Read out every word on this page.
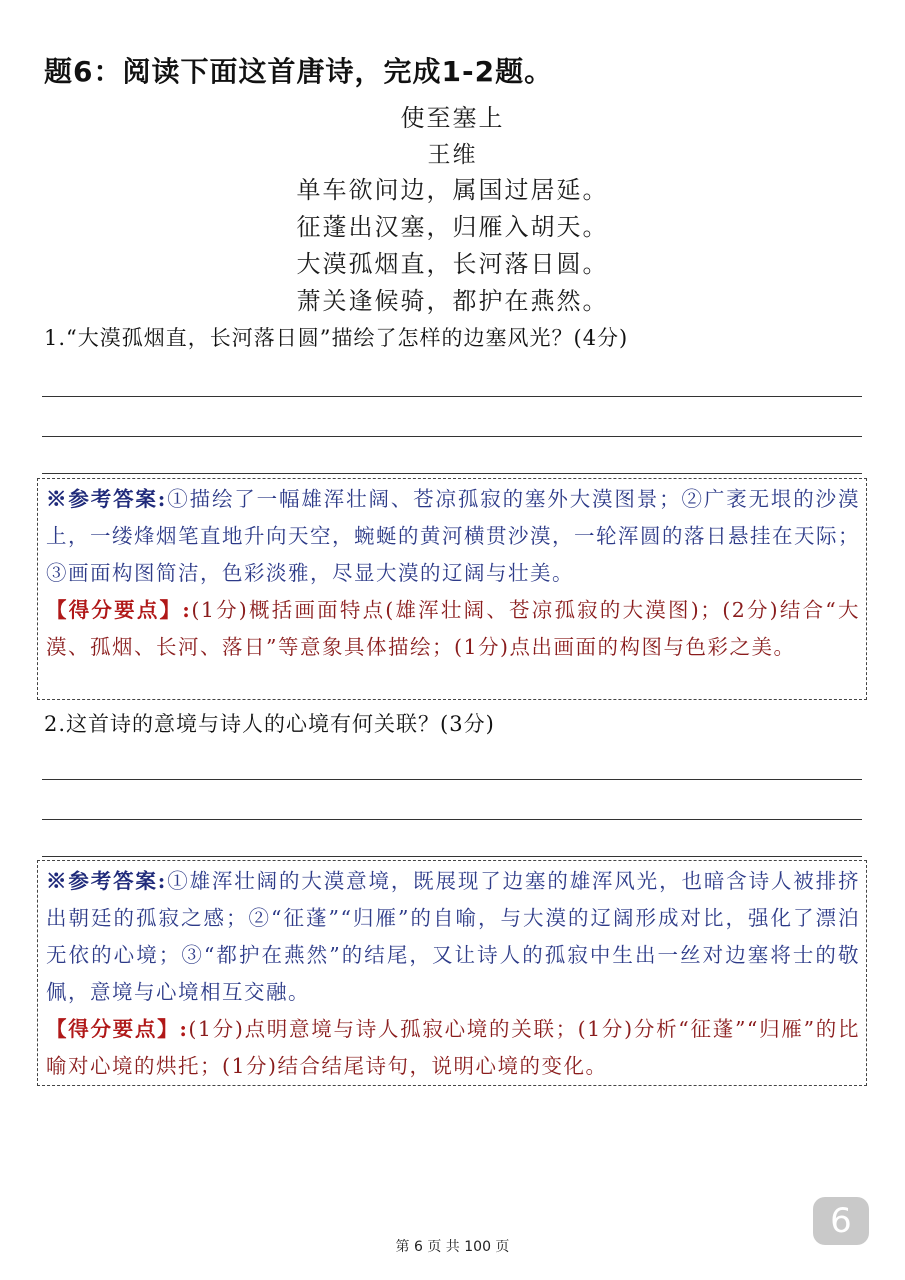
题6：阅读下面这首唐诗，完成1-2题。
使至塞上
王维
单车欲问边，属国过居延。
征蓬出汉塞，归雁入胡天。
大漠孤烟直，长河落日圆。
萧关逢候骑，都护在燕然。
1.“大漠孤烟直，长河落日圆”描绘了怎样的边塞风光？(4分)
※参考答案:①描绘了一幅雄浑壮阔、苍凉孤寂的塞外大漠图景；②广袤无垠的沙漠上，一缕烽烟笔直地升向天空，蜿蜒的黄河横贯沙漠，一轮浑圆的落日悬挂在天际；③画面构图简洁，色彩淡雅，尽显大漠的辽阔与壮美。
【得分要点】:(1分)概括画面特点(雄浑壮阔、苍凉孤寂的大漠图)；(2分)结合“大漠、孤烟、长河、落日”等意象具体描绘；(1分)点出画面的构图与色彩之美。
2.这首诗的意境与诗人的心境有何关联？(3分)
※参考答案:①雄浑壮阔的大漠意境，既展现了边塞的雄浑风光，也暗含诗人被排挤出朝廷的孤寂之感；②“征蓬”“归雁”的自喻，与大漠的辽阔形成对比，强化了漂泊无依的心境；③“都护在燕然”的结尾，又让诗人的孤寂中生出一丝对边塞将士的敬佩，意境与心境相互交融。
【得分要点】:(1分)点明意境与诗人孤寂心境的关联；(1分)分析“征蓬”“归雁”的比喻对心境的烘托；(1分)结合结尾诗句，说明心境的变化。
第 6 页 共 100 页
6
